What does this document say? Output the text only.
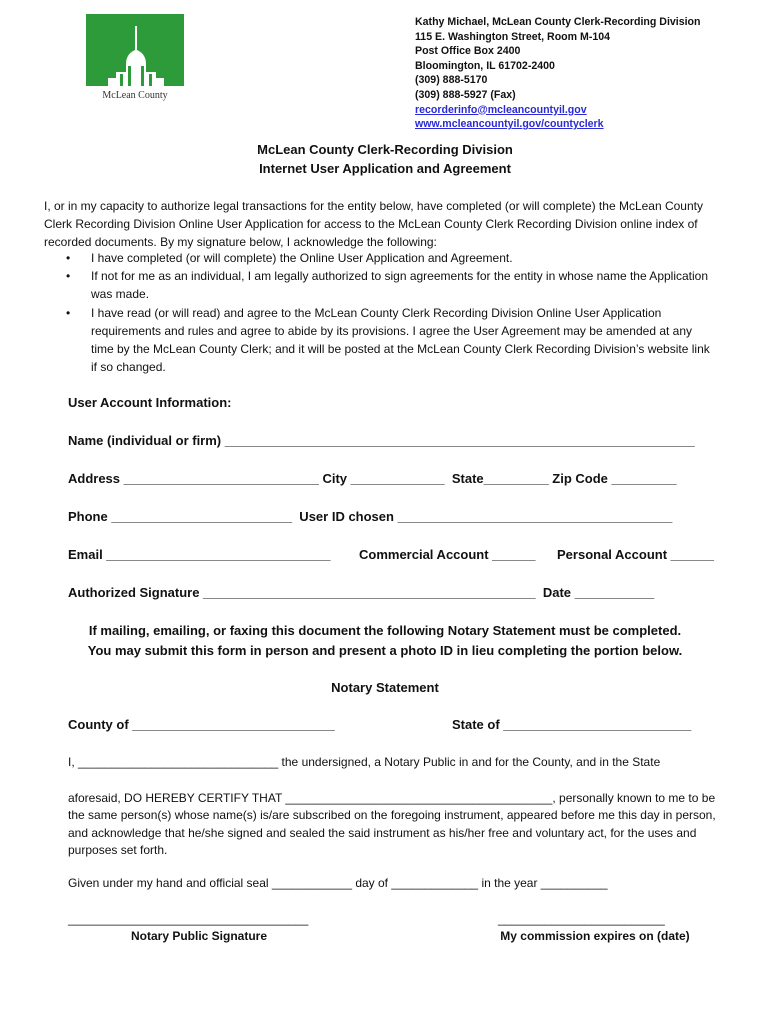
McLean County
Kathy Michael, McLean County Clerk-Recording Division
115 E. Washington Street, Room M-104
Post Office Box 2400
Bloomington, IL 61702-2400
(309) 888-5170
(309) 888-5927 (Fax)
recorderinfo@mcleancountyil.gov
www.mcleancountyil.gov/countyclerk
McLean County Clerk-Recording Division
Internet User Application and Agreement
I, or in my capacity to authorize legal transactions for the entity below, have completed (or will complete) the McLean County Clerk Recording Division Online User Application for access to the McLean County Clerk Recording Division online index of recorded documents. By my signature below, I acknowledge the following:
• I have completed (or will complete) the Online User Application and Agreement.
• If not for me as an individual, I am legally authorized to sign agreements for the entity in whose name the Application was made.
• I have read (or will read) and agree to the McLean County Clerk Recording Division Online User Application requirements and rules and agree to abide by its provisions. I agree the User Agreement may be amended at any time by the McLean County Clerk; and it will be posted at the McLean County Clerk Recording Division’s website link if so changed.
User Account Information:
Name (individual or firm) _________________________________________________________________
Address ___________________________ City _____________  State_________ Zip Code _________
Phone _________________________  User ID chosen ______________________________________
Email _______________________________ Commercial Account ______ Personal Account ______
Authorized Signature ______________________________________________  Date ___________
If mailing, emailing, or faxing this document the following Notary Statement must be completed.
You may submit this form in person and present a photo ID in lieu completing the portion below.
Notary Statement
County of ____________________________	State of __________________________
I, ______________________________ the undersigned, a Notary Public in and for the County, and in the State
aforesaid, DO HEREBY CERTIFY THAT ________________________________________, personally known to me to be the same person(s) whose name(s) is/are subscribed on the foregoing instrument, appeared before me this day in person, and acknowledge that he/she signed and sealed the said instrument as his/her free and voluntary act, for the uses and purposes set forth.
Given under my hand and official seal ____________ day of _____________ in the year __________
____________________________________	_________________________
Notary Public Signature	My commission expires on (date)
